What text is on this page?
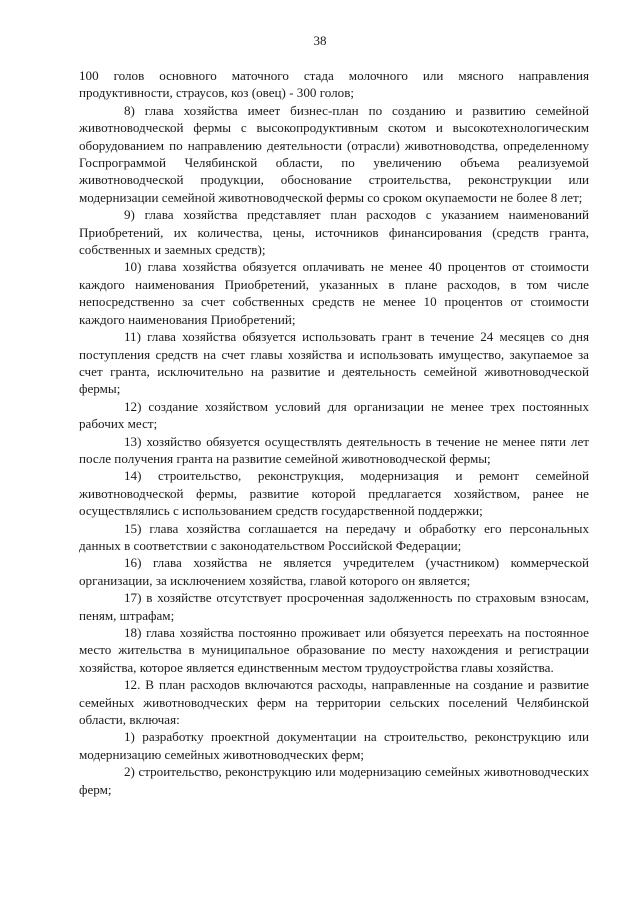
38

100 голов основного маточного стада молочного или мясного направления продуктивности, страусов, коз (овец) - 300 голов;

8) глава хозяйства имеет бизнес-план по созданию и развитию семейной животноводческой фермы с высокопродуктивным скотом и высокотехнологическим оборудованием по направлению деятельности (отрасли) животноводства, определенному Госпрограммой Челябинской области, по увеличению объема реализуемой животноводческой продукции, обоснование строительства, реконструкции или модернизации семейной животноводческой фермы со сроком окупаемости не более 8 лет;

9) глава хозяйства представляет план расходов с указанием наименований Приобретений, их количества, цены, источников финансирования (средств гранта, собственных и заемных средств);

10) глава хозяйства обязуется оплачивать не менее 40 процентов от стоимости каждого наименования Приобретений, указанных в плане расходов, в том числе непосредственно за счет собственных средств не менее 10 процентов от стоимости каждого наименования Приобретений;

11) глава хозяйства обязуется использовать грант в течение 24 месяцев со дня поступления средств на счет главы хозяйства и использовать имущество, закупаемое за счет гранта, исключительно на развитие и деятельность семейной животноводческой фермы;

12) создание хозяйством условий для организации не менее трех постоянных рабочих мест;

13) хозяйство обязуется осуществлять деятельность в течение не менее пяти лет после получения гранта на развитие семейной животноводческой фермы;

14) строительство, реконструкция, модернизация и ремонт семейной животноводческой фермы, развитие которой предлагается хозяйством, ранее не осуществлялись с использованием средств государственной поддержки;

15) глава хозяйства соглашается на передачу и обработку его персональных данных в соответствии с законодательством Российской Федерации;

16) глава хозяйства не является учредителем (участником) коммерческой организации, за исключением хозяйства, главой которого он является;

17) в хозяйстве отсутствует просроченная задолженность по страховым взносам, пеням, штрафам;

18) глава хозяйства постоянно проживает или обязуется переехать на постоянное место жительства в муниципальное образование по месту нахождения и регистрации хозяйства, которое является единственным местом трудоустройства главы хозяйства.

12. В план расходов включаются расходы, направленные на создание и развитие семейных животноводческих ферм на территории сельских поселений Челябинской области, включая:

1) разработку проектной документации на строительство, реконструкцию или модернизацию семейных животноводческих ферм;

2) строительство, реконструкцию или модернизацию семейных животноводческих ферм;
